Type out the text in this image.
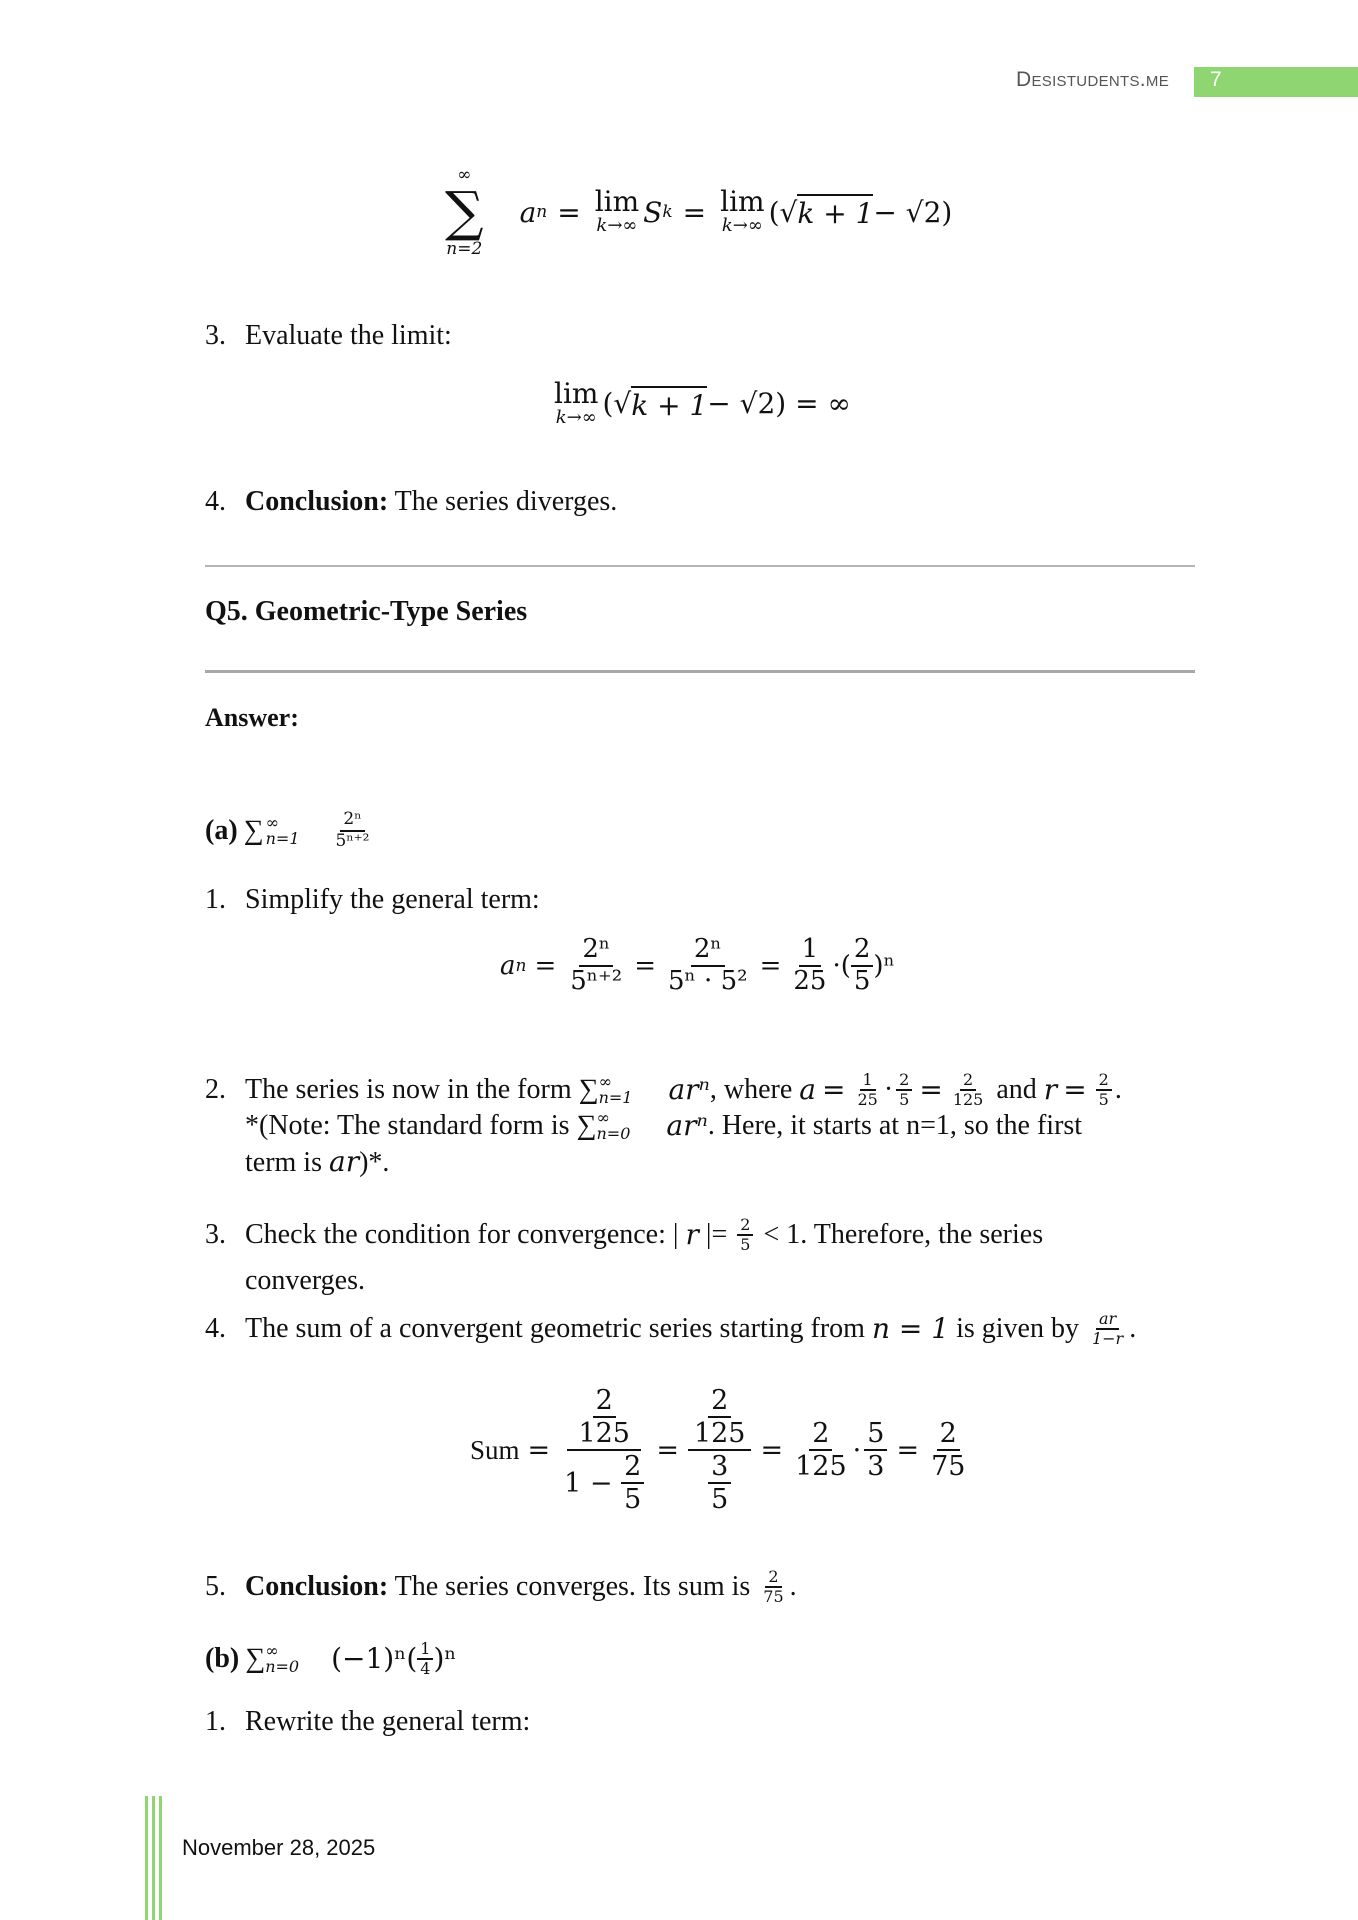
Desistudents.me 7
∞
∑
n=2
a n = lim
k→∞ S k = lim
k→∞ (√ k + 1 − √2)
3. Evaluate the limit:
lim
k→∞ (√ k + 1 − √2) = ∞
4. Conclusion: The series diverges.
Q5. Geometric-Type Series
Answer:
(a) ∑ ∞
$n=1 \frac{\text{2ⁿ}}{\text{5ⁿ⁺²}}$
1. Simplify the general term:
a $n = \frac{\text{2ⁿ}}{\text{5ⁿ⁺²}} = \frac{\text{2ⁿ}}{\text{5ⁿ · 5²}} = \frac{1}{25}$ · ( $\frac{2}{5} )^n$
2. The series is now in the form ∑ ∞
n=1 arⁿ , where $a = \frac{1}{25} \cdot \frac{2}{5} = \frac{2}{125}$ and $r = \frac{2}{5}$ .
*(Note: The standard form is ∑ ∞
n=0 arⁿ . Here, it starts at n=1, so the first
term is ar)*.
3. Check the condition for convergence: | r |= $\frac{2}{5} < 1$. Therefore, the series
converges.
4. The sum of a convergent geometric series starting from n = 1 is given by $\frac{ar}{1-r}$ .
Sum = $\frac{\frac{2}{125}}{1 - \frac{2}{5}} = \frac{\frac{2}{125}}{\frac{3}{5}} = \frac{2}{125} \cdot \frac{5}{3} = \frac{2}{75}$
5. Conclusion: The series converges. Its sum is $\frac{2}{75}$ .
(b) ∑ ∞
n=0 $(-1)^n( \frac{1}{4} )^n$
1. Rewrite the general term:
November 28, 2025
